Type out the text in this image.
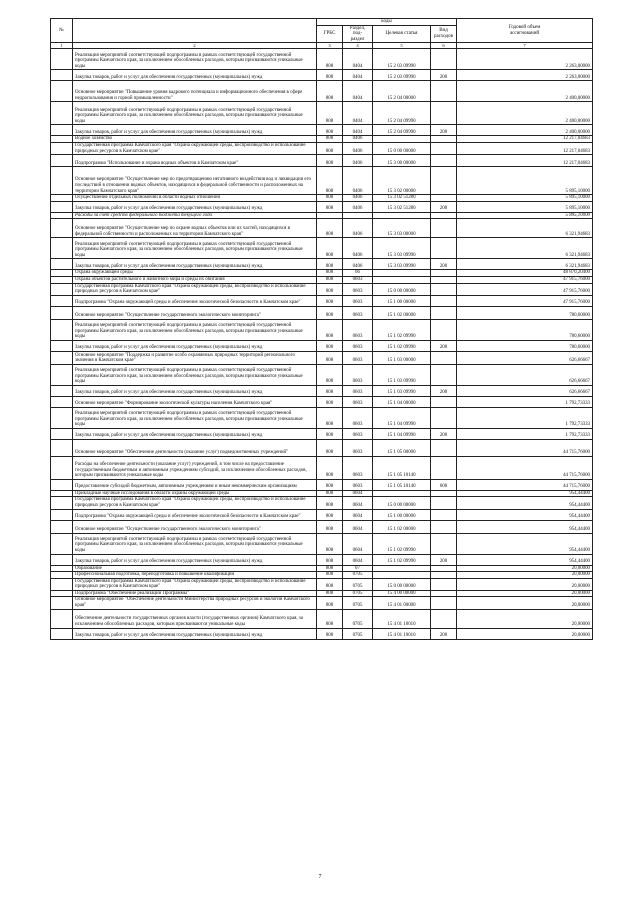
№		коды				Годовой объем
ассигнований
		ГРБС	Раздел, под-
раздел	Целевая статья	Вид
расходов	
1	2	3	4	5	6	7
	Реализация мероприятий соответствующей подпрограммы в рамках соответствующей государственной программы Камчатского края, за исключением обособленных расходов, которым присваиваются уникальные коды	808	0404	15 2 03 09990		2 263,00000
	Закупка товаров, работ и услуг для обеспечения государственных (муниципальных) нужд	808	0404	15 2 03 09990	200	2 263,00000
	Основное мероприятие "Повышение уровня кадрового потенциала и информационного обеспечения в сфере недропользования и горной промышленности"	808	0404	15 2 04 00000		2 400,00000
	Реализация мероприятий соответствующей подпрограммы в рамках соответствующей государственной программы Камчатского края, за исключением обособленных расходов, которым присваиваются уникальные коды	808	0404	15 2 04 09990		2 400,00000
	Закупка товаров, работ и услуг для обеспечения государственных (муниципальных) нужд	808	0404	15 2 04 09990	200	2 400,00000
	Водное хозяйство	808	0406			12 217,04683
	Государственная программа Камчатского края "Охрана окружающей среды, воспроизводство и использование природных ресурсов в Камчатском крае"	808	0406	15 0 00 00000		12 217,04683
	Подпрограмма "Использование и охрана водных объектов в Камчатском крае"	808	0406	15 3 00 00000		12 217,04683
	Основное мероприятие "Осуществление мер по предотвращению негативного воздействия вод и ликвидации его последствий в отношении водных объектов, находящихся в федеральной собственности и расположенных на территории Камчатского края"	808	0406	15 3 02 00000		5 895,10000
	Осуществление отдельных полномочий в области водных отношений	808	0406	15 3 02 51280		5 895,10000
	Закупка товаров, работ и услуг для обеспечения государственных (муниципальных) нужд	808	0406	15 3 02 51280	200	5 895,10000
	Расходы за счет средств федерального бюджета текущего года					5 895,10000
	Основное мероприятие "Осуществление мер по охране водных объектов или их частей, находящихся в федеральной собственности и расположенных на территории Камчатского края"	808	0406	15 3 03 00000		6 321,94683
	Реализация мероприятий соответствующей подпрограммы в рамках соответствующей государственной программы Камчатского края, за исключением обособленных расходов, которым присваиваются уникальные коды	808	0406	15 3 03 09990		6 321,94683
	Закупка товаров, работ и услуг для обеспечения государственных (муниципальных) нужд	808	0406	15 3 03 09990	200	6 321,94683
	Охрана окружающей среды	808	06			48 870,20400
	Охрана объектов растительного и животного мира и среды их обитания	808	0603			47 915,76000
	Государственная программа Камчатского края "Охрана окружающей среды, воспроизводство и использование природных ресурсов в Камчатском крае"	808	0603	15 0 00 00000		47 915,76000
	Подпрограмма "Охрана окружающей среды и обеспечение экологической безопасности в Камчатском крае"	808	0603	15 1 00 00000		47 915,76000
	Основное мероприятие "Осуществление государственного экологического мониторинга"	808	0603	15 1 02 00000		780,60000
	Реализация мероприятий соответствующей подпрограммы в рамках соответствующей государственной программы Камчатского края, за исключением обособленных расходов, которым присваиваются уникальные коды	808	0603	15 1 02 09990		780,60000
	Закупка товаров, работ и услуг для обеспечения государственных (муниципальных) нужд	808	0603	15 1 02 09990	200	780,60000
	Основное мероприятие "Поддержка и развитие особо охраняемых природных территорий регионального значения в Камчатском крае"	808	0603	15 1 03 00000		626,66667
	Реализация мероприятий соответствующей подпрограммы в рамках соответствующей государственной программы Камчатского края, за исключением обособленных расходов, которым присваиваются уникальные коды	808	0603	15 1 03 09990		626,66667
	Закупка товаров, работ и услуг для обеспечения государственных (муниципальных) нужд	808	0603	15 1 03 09990	200	626,66667
	Основное мероприятие "Формирование экологической культуры населения Камчатского края"	808	0603	15 1 04 00000		1 792,73333
	Реализация мероприятий соответствующей подпрограммы в рамках соответствующей государственной программы Камчатского края, за исключением обособленных расходов, которым присваиваются уникальные коды	808	0603	15 1 04 09990		1 792,73333
	Закупка товаров, работ и услуг для обеспечения государственных (муниципальных) нужд	808	0603	15 1 04 09990	200	1 792,73333
	Основное мероприятие "Обеспечение деятельности (оказание услуг) подведомственных учреждений"	808	0603	15 1 05 00000		44 715,76000
	Расходы на обеспечение деятельности (оказание услуг) учреждений, в том числе на предоставление государственным бюджетным и автономным учреждениям субсидий, за исключением обособленных расходов, которым присваиваются уникальные коды	808	0603	15 1 05 10140		44 715,76000
	Предоставление субсидий бюджетным, автономным учреждениям и иным некоммерческим организациям	808	0603	15 1 05 10140	600	44 715,76000
	Прикладные научные исследования в области охраны окружающей среды	808	0604			954,44400
	Государственная программа Камчатского края "Охрана окружающей среды, воспроизводство и использование природных ресурсов в Камчатском крае"	808	0604	15 0 00 00000		954,44400
	Подпрограмма "Охрана окружающей среды и обеспечение экологической безопасности в Камчатском крае"	808	0604	15 1 00 00000		954,44400
	Основное мероприятие "Осуществление государственного экологического мониторинга"	808	0604	15 1 02 00000		954,44400
	Реализация мероприятий соответствующей подпрограммы в рамках соответствующей государственной программы Камчатского края, за исключением обособленных расходов, которым присваиваются уникальные коды	808	0604	15 1 02 09990		954,44400
	Закупка товаров, работ и услуг для обеспечения государственных (муниципальных) нужд	808	0604	15 1 02 09990	200	954,44400
	Образование	808	07			20,00000
	Профессиональная подготовка, переподготовка и повышение квалификации	808	0705			20,00000
	Государственная программа Камчатского края "Охрана окружающей среды, воспроизводство и использование природных ресурсов в Камчатском крае"	808	0705	15 0 00 00000		20,00000
	Подпрограмма "Обеспечение реализации Программы"	808	0705	15 4 00 00000		20,00000
	Основное мероприятие "Обеспечение деятельности Министерства природных ресурсов и экологии Камчатского края"	808	0705	15 4 01 00000		20,00000
	Обеспечение деятельности государственных органов власти (государственных органов) Камчатского края, за исключением обособленных расходов, которым присваиваются уникальные коды	808	0705	15 4 01 10010		20,00000
	Закупка товаров, работ и услуг для обеспечения государственных (муниципальных) нужд	808	0705	15 4 01 10010	200	20,00000
7
